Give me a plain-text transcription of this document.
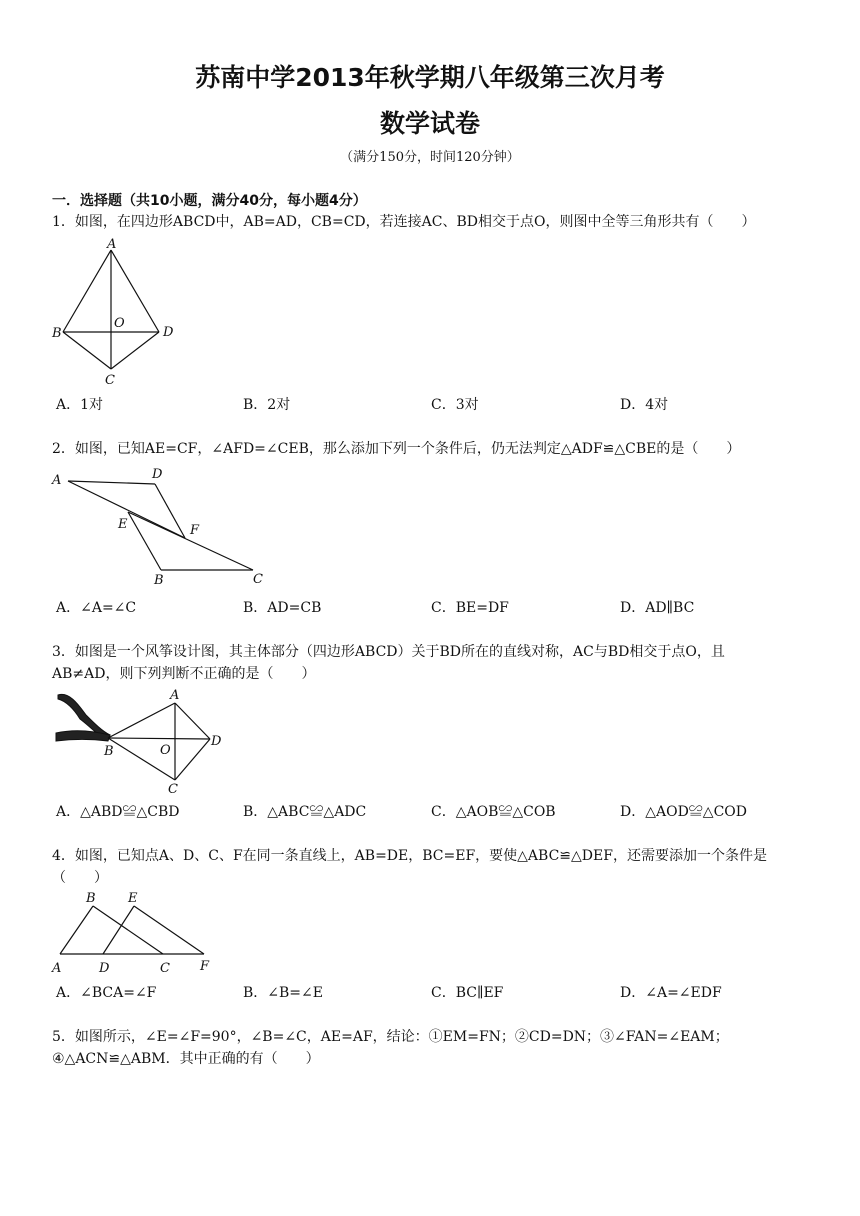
苏南中学2013年秋学期八年级第三次月考
数学试卷
（满分150分，时间120分钟）
一．选择题（共10小题，满分40分，每小题4分）
1．如图，在四边形ABCD中，AB=AD，CB=CD，若连接AC、BD相交于点O，则图中全等三角形共有（　　）
A
B	D
C
O
A．1对	B．2对	C．3对	D．4对
2．如图，已知AE=CF，∠AFD=∠CEB，那么添加下列一个条件后，仍无法判定△ADF≌△CBE的是（　　）
A	D
E	F
B	C
A．∠A=∠C	B．AD=CB	C．BE=DF	D．AD∥BC
3．如图是一个风筝设计图，其主体部分（四边形ABCD）关于BD所在的直线对称，AC与BD相交于点O，且
AB≠AD，则下列判断不正确的是（　　）
A
B	O
D
C
A．△ABD≌△CBD	B．△ABC≌△ADC	C．△AOB≌△COB	D．△AOD≌△COD
4．如图，已知点A、D、C、F在同一条直线上，AB=DE，BC=EF，要使△ABC≌△DEF，还需要添加一个条件是
（　　）
B E
A	D	C F
A．∠BCA=∠F	B．∠B=∠E	C．BC∥EF	D．∠A=∠EDF
5．如图所示，∠E=∠F=90°，∠B=∠C，AE=AF，结论：①EM=FN；②CD=DN；③∠FAN=∠EAM；
④△ACN≌△ABM．其中正确的有（　　）
